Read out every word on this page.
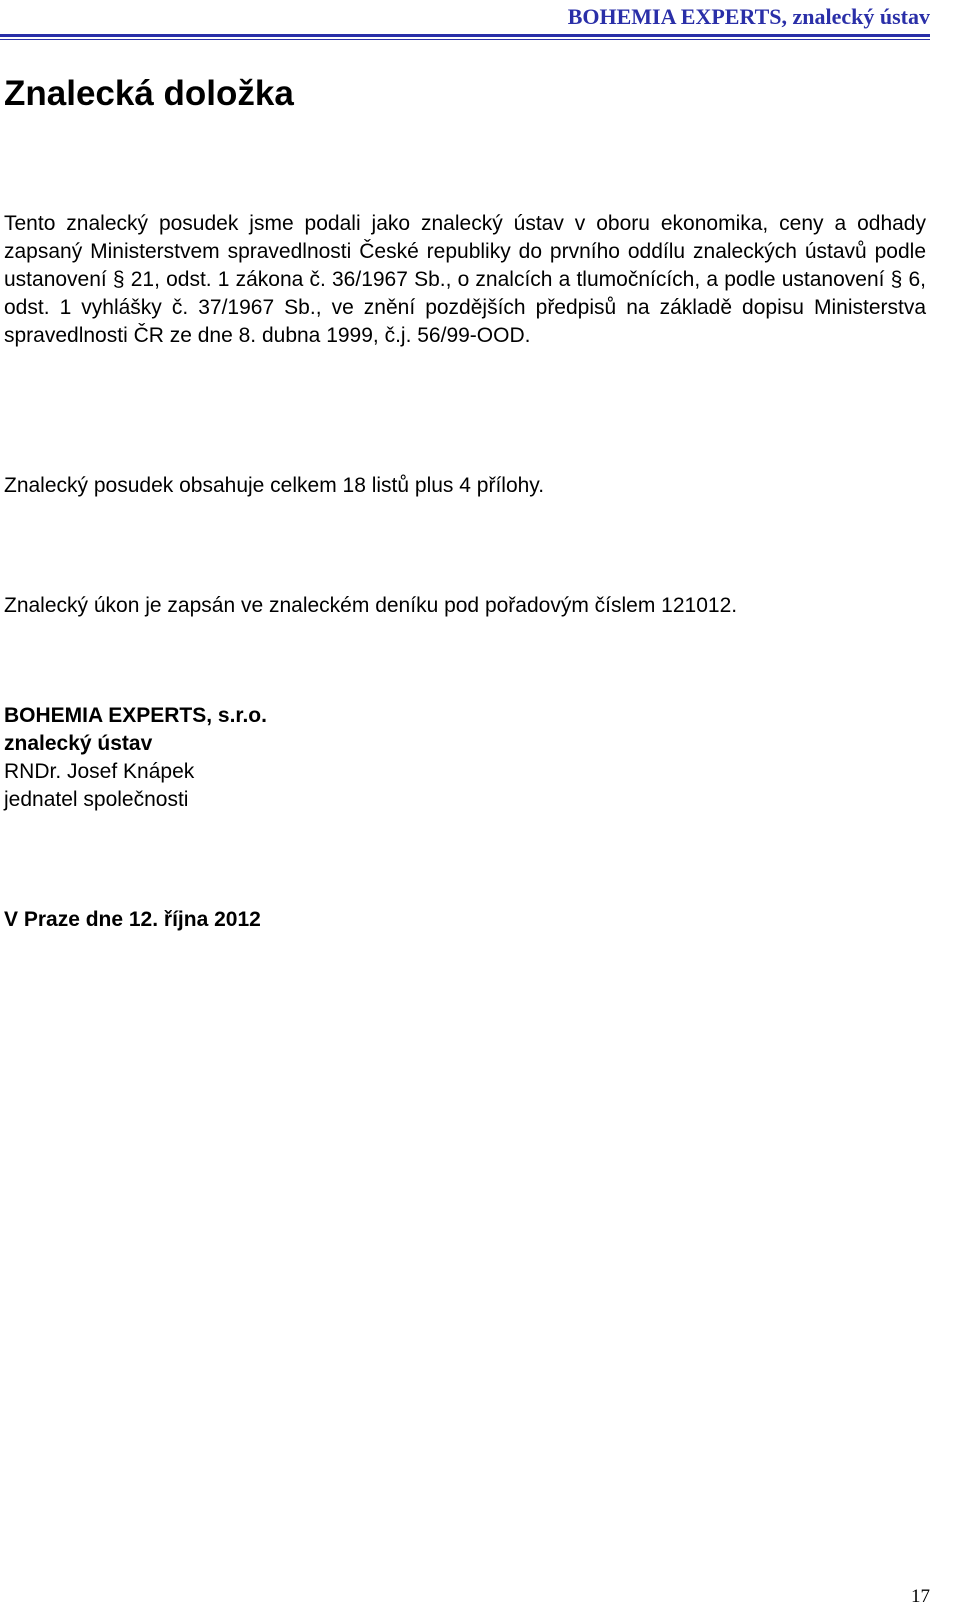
BOHEMIA EXPERTS, znalecký ústav
Znalecká doložka

Tento znalecký posudek jsme podali jako znalecký ústav v oboru ekonomika, ceny a odhady zapsaný Ministerstvem spravedlnosti České republiky do prvního oddílu znaleckých ústavů podle ustanovení § 21, odst. 1 zákona č. 36/1967 Sb., o znalcích a tlumočnících, a podle ustanovení § 6, odst. 1 vyhlášky č. 37/1967 Sb., ve znění pozdějších předpisů na základě dopisu Ministerstva spravedlnosti ČR ze dne 8. dubna 1999, č.j. 56/99-OOD.

Znalecký posudek obsahuje celkem 18 listů plus 4 přílohy.

Znalecký úkon je zapsán ve znaleckém deníku pod pořadovým číslem 121012.

BOHEMIA EXPERTS, s.r.o.

znalecký ústav

RNDr. Josef Knápek

jednatel společnosti

V Praze dne 12. října 2012

17
